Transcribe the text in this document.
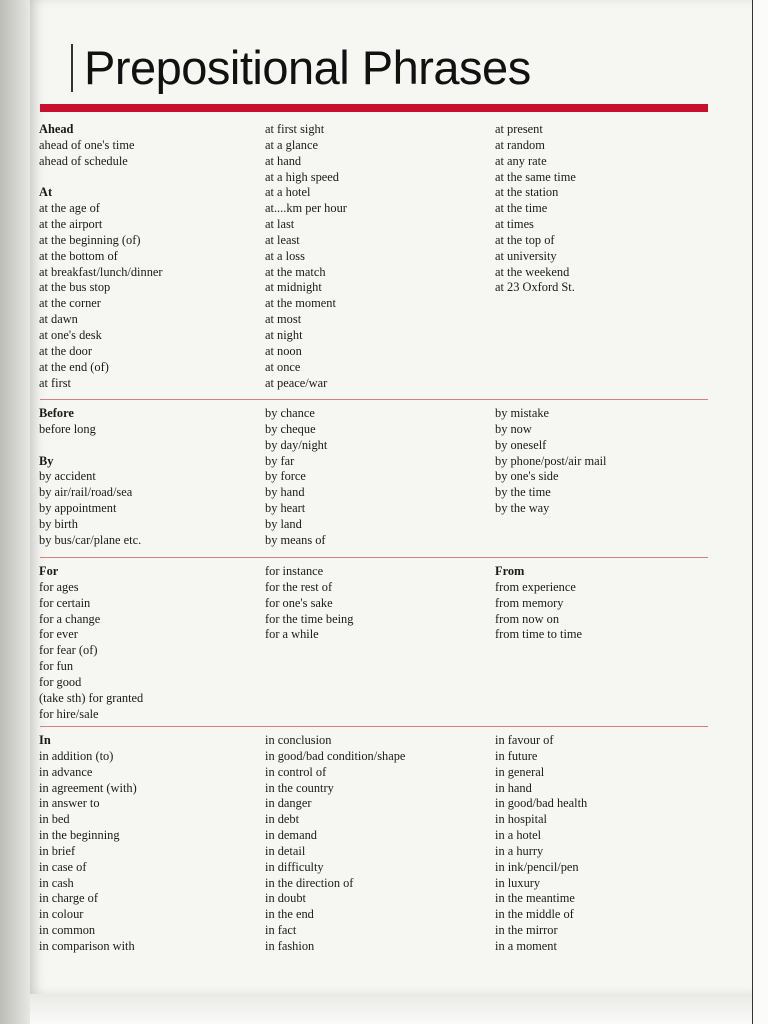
Prepositional Phrases
Ahead
ahead of one's time
ahead of schedule
At
at the age of
at the airport
at the beginning (of)
at the bottom of
at breakfast/lunch/dinner
at the bus stop
at the corner
at dawn
at one's desk
at the door
at the end (of)
at first
at first sight
at a glance
at hand
at a high speed
at a hotel
at....km per hour
at last
at least
at a loss
at the match
at midnight
at the moment
at most
at night
at noon
at once
at peace/war
at present
at random
at any rate
at the same time
at the station
at the time
at times
at the top of
at university
at the weekend
at 23 Oxford St.
Before
before long
By
by accident
by air/rail/road/sea
by appointment
by birth
by bus/car/plane etc.
by chance
by cheque
by day/night
by far
by force
by hand
by heart
by land
by means of
by mistake
by now
by oneself
by phone/post/air mail
by one's side
by the time
by the way
For
for ages
for certain
for a change
for ever
for fear (of)
for fun
for good
(take sth) for granted
for hire/sale
for instance
for the rest of
for one's sake
for the time being
for a while
From
from experience
from memory
from now on
from time to time
In
in addition (to)
in advance
in agreement (with)
in answer to
in bed
in the beginning
in brief
in case of
in cash
in charge of
in colour
in common
in comparison with
in conclusion
in good/bad condition/shape
in control of
in the country
in danger
in debt
in demand
in detail
in difficulty
in the direction of
in doubt
in the end
in fact
in fashion
in favour of
in future
in general
in hand
in good/bad health
in hospital
in a hotel
in a hurry
in ink/pencil/pen
in luxury
in the meantime
in the middle of
in the mirror
in a moment
